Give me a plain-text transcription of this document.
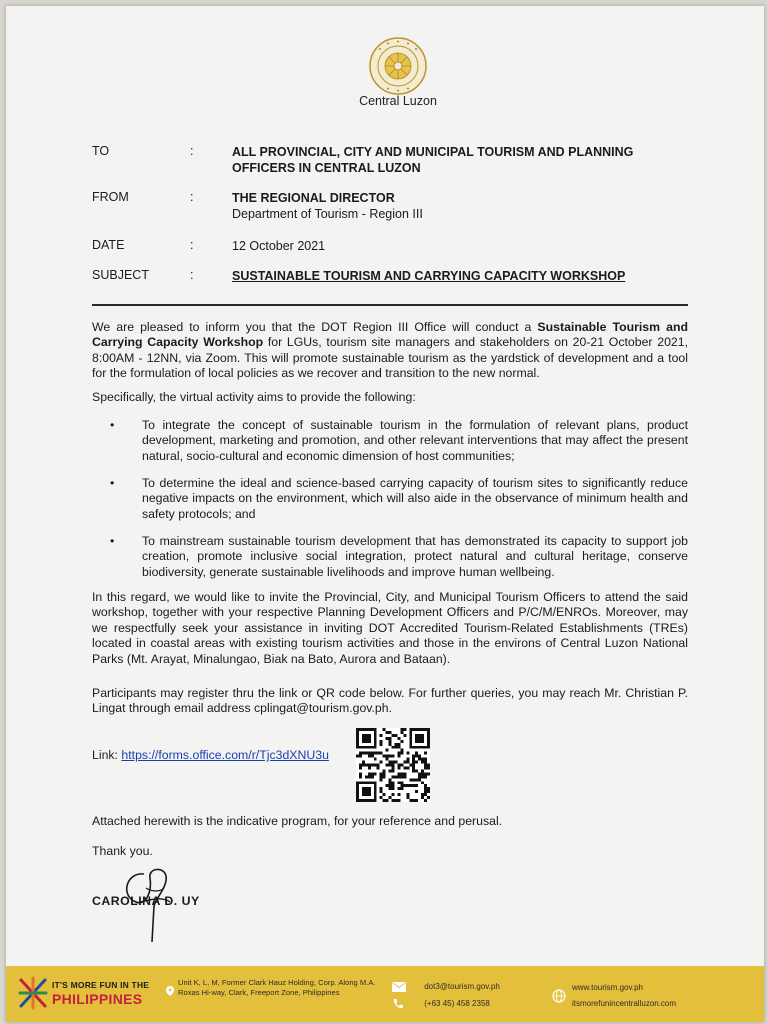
Central Luzon
TO	:	ALL PROVINCIAL, CITY AND MUNICIPAL TOURISM AND PLANNING
OFFICERS IN CENTRAL LUZON
FROM	:	THE REGIONAL DIRECTOR
Department of Tourism - Region III
DATE	:	12 October 2021
SUBJECT	:	SUSTAINABLE TOURISM AND CARRYING CAPACITY WORKSHOP
We are pleased to inform you that the DOT Region III Office will conduct a Sustainable Tourism and Carrying Capacity Workshop for LGUs, tourism site managers and stakeholders on 20-21 October 2021, 8:00AM - 12NN, via Zoom. This will promote sustainable tourism as the yardstick of development and a tool for the formulation of local policies as we recover and transition to the new normal.
Specifically, the virtual activity aims to provide the following:
•	To integrate the concept of sustainable tourism in the formulation of relevant plans, product development, marketing and promotion, and other relevant interventions that may affect the present natural, socio-cultural and economic dimension of host communities;
•	To determine the ideal and science-based carrying capacity of tourism sites to significantly reduce negative impacts on the environment, which will also aide in the observance of minimum health and safety protocols; and
•	To mainstream sustainable tourism development that has demonstrated its capacity to support job creation, promote inclusive social integration, protect natural and cultural heritage, conserve biodiversity, generate sustainable livelihoods and improve human wellbeing.
In this regard, we would like to invite the Provincial, City, and Municipal Tourism Officers to attend the said workshop, together with your respective Planning Development Officers and P/C/M/ENROs. Moreover, may we respectfully seek your assistance in inviting DOT Accredited Tourism-Related Establishments (TREs) located in coastal areas with existing tourism activities and those in the environs of Central Luzon National Parks (Mt. Arayat, Minalungao, Biak na Bato, Aurora and Bataan).
Participants may register thru the link or QR code below. For further queries, you may reach Mr. Christian P. Lingat through email address cplingat@tourism.gov.ph.
Link: https://forms.office.com/r/Tjc3dXNU3u
Attached herewith is the indicative program, for your reference and perusal.
Thank you.
CAROLINA D. UY
IT'S MORE FUN IN THE
PHILIPPINES
Unit K, L, M, Former Clark Hauz Holding, Corp. Along M.A. Roxas Hi-way, Clark, Freeport Zone, Philippines
dot3@tourism.gov.ph
(+63 45) 458 2358
www.tourism.gov.ph
itsmorefunincentralluzon.com
